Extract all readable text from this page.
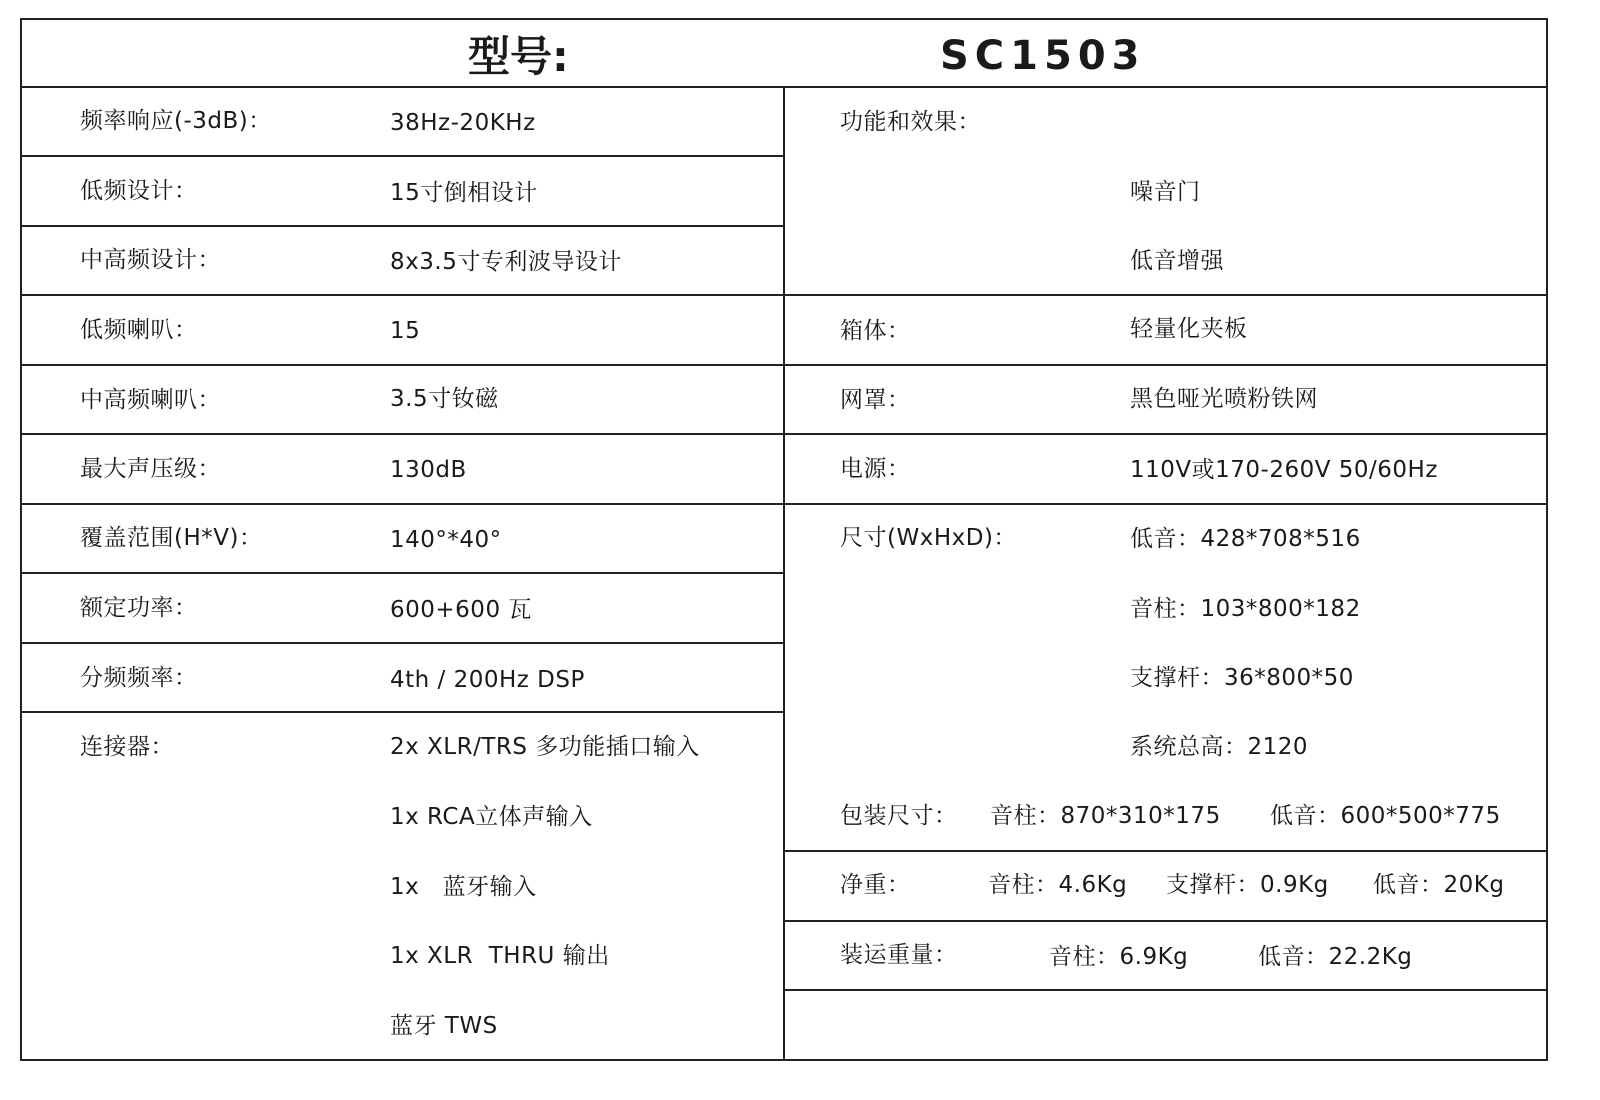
型号:	SC1503
频率响应(-3dB)：	38Hz-20KHz
低频设计：	15寸倒相设计
中高频设计：	8x3.5寸专利波导设计
低频喇叭：	15
中高频喇叭：	3.5寸钕磁
最大声压级：	130dB
覆盖范围(H*V)：	140°*40°
额定功率：	600+600 瓦
分频频率：	4th / 200Hz DSP
连接器：	2x XLR/TRS 多功能插口输入
1x RCA立体声输入
1x   蓝牙输入
1x XLR  THRU 输出
蓝牙 TWS
功能和效果：
噪音门
低音增强
箱体：	轻量化夹板
网罩：	黑色哑光喷粉铁网
电源：	110V或170-260V 50/60Hz
尺寸(WxHxD)：	低音：428*708*516
音柱：103*800*182
支撑杆：36*800*50
系统总高：2120
包装尺寸： 音柱：870*310*175 低音：600*500*775
净重：	音柱：4.6Kg 支撑杆：0.9Kg 低音：20Kg
装运重量：	音柱：6.9Kg	低音：22.2Kg
